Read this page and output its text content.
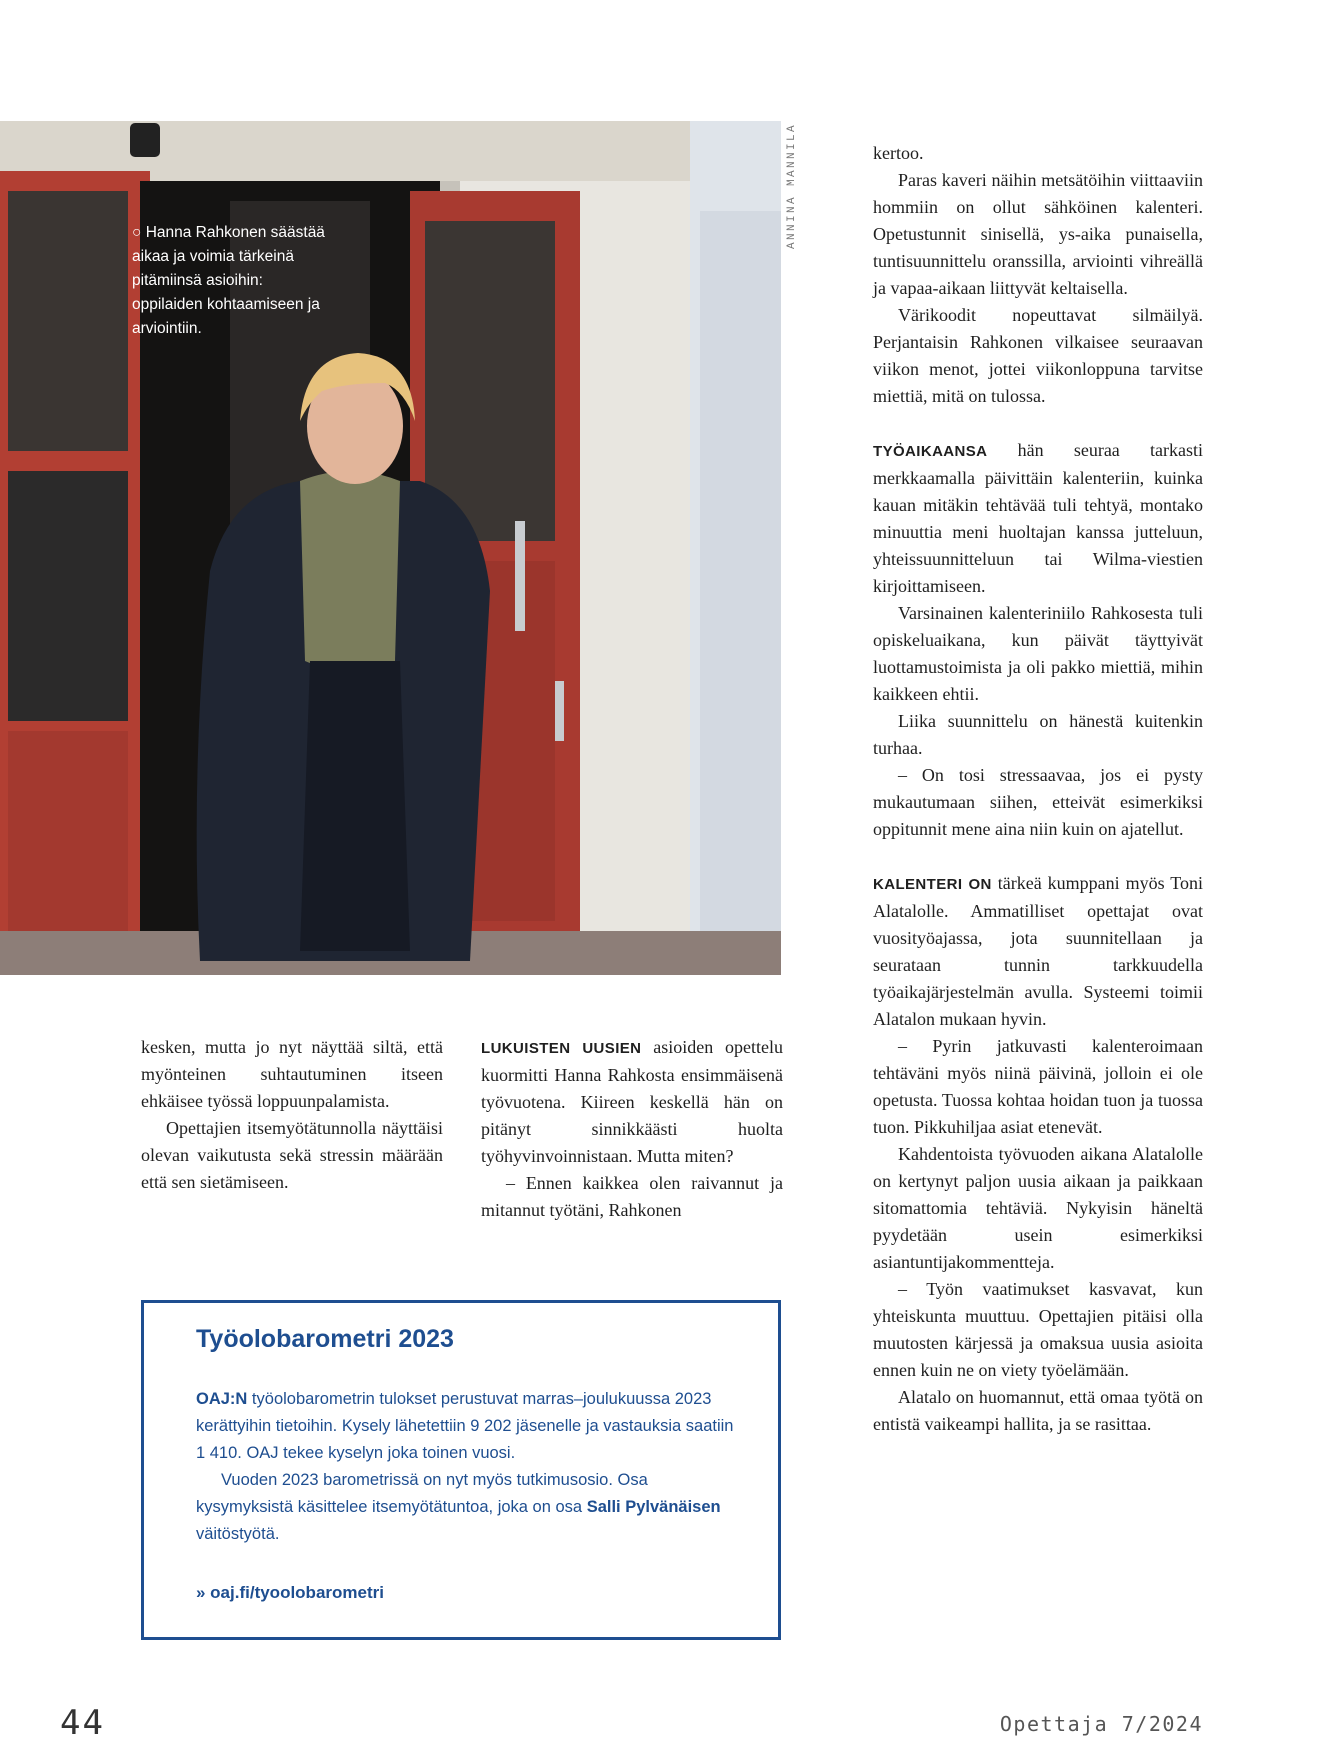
○ Hanna Rahkonen säästää aikaa ja voimia tärkeinä pitämiinsä asioihin: oppilaiden kohtaamiseen ja arviointiin.
ANNINA MANNILA

kesken, mutta jo nyt näyttää siltä, että myönteinen suhtautuminen itseen ehkäisee työssä loppuunpalamista.

Opettajien itsemyötätunnolla näyttäisi olevan vaikutusta sekä stressin määrään että sen sietämiseen.

LUKUISTEN UUSIEN asioiden opettelu kuormitti Hanna Rahkosta ensimmäisenä työvuotena. Kiireen keskellä hän on pitänyt sinnikkäästi huolta työhyvinvoinnistaan. Mutta miten?

– Ennen kaikkea olen raivannut ja mitannut työtäni, Rahkonen

kertoo.

Paras kaveri näihin metsätöihin viittaaviin hommiin on ollut sähköinen kalenteri. Opetustunnit sinisellä, ys-aika punaisella, tuntisuunnittelu oranssilla, arviointi vihreällä ja vapaa-aikaan liittyvät keltaisella.

Värikoodit nopeuttavat silmäilyä. Perjantaisin Rahkonen vilkaisee seuraavan viikon menot, jottei viikonloppuna tarvitse miettiä, mitä on tulossa.

TYÖAIKAANSA hän seuraa tarkasti merkkaamalla päivittäin kalenteriin, kuinka kauan mitäkin tehtävää tuli tehtyä, montako minuuttia meni huoltajan kanssa jutteluun, yhteissuunnitteluun tai Wilma-viestien kirjoittamiseen.

Varsinainen kalenteriniilo Rahkosesta tuli opiskeluaikana, kun päivät täyttyivät luottamustoimista ja oli pakko miettiä, mihin kaikkeen ehtii.

Liika suunnittelu on hänestä kuitenkin turhaa.

– On tosi stressaavaa, jos ei pysty mukautumaan siihen, etteivät esimerkiksi oppitunnit mene aina niin kuin on ajatellut.

KALENTERI ON tärkeä kumppani myös Toni Alatalolle. Ammatilliset opettajat ovat vuosityöajassa, jota suunnitellaan ja seurataan tunnin tarkkuudella työaikajärjestelmän avulla. Systeemi toimii Alatalon mukaan hyvin.

– Pyrin jatkuvasti kalenteroimaan tehtäväni myös niinä päivinä, jolloin ei ole opetusta. Tuossa kohtaa hoidan tuon ja tuossa tuon. Pikkuhiljaa asiat etenevät.

Kahdentoista työvuoden aikana Alatalolle on kertynyt paljon uusia aikaan ja paikkaan sitomattomia tehtäviä. Nykyisin häneltä pyydetään usein esimerkiksi asiantuntijakommentteja.

– Työn vaatimukset kasvavat, kun yhteiskunta muuttuu. Opettajien pitäisi olla muutosten kärjessä ja omaksua uusia asioita ennen kuin ne on viety työelämään.

Alatalo on huomannut, että omaa työtä on entistä vaikeampi hallita, ja se rasittaa.

Työolobarometri 2023

OAJ:N työolobarometrin tulokset perustuvat marras–joulukuussa 2023 kerättyihin tietoihin. Kysely lähetettiin 9 202 jäsenelle ja vastauksia saatiin 1 410. OAJ tekee kyselyn joka toinen vuosi.

Vuoden 2023 barometrissä on nyt myös tutkimusosio. Osa kysymyksistä käsittelee itsemyötätuntoa, joka on osa Salli Pylvänäisen väitöstyötä.

» oaj.fi/tyoolobarometri
44	Opettaja 7/2024
